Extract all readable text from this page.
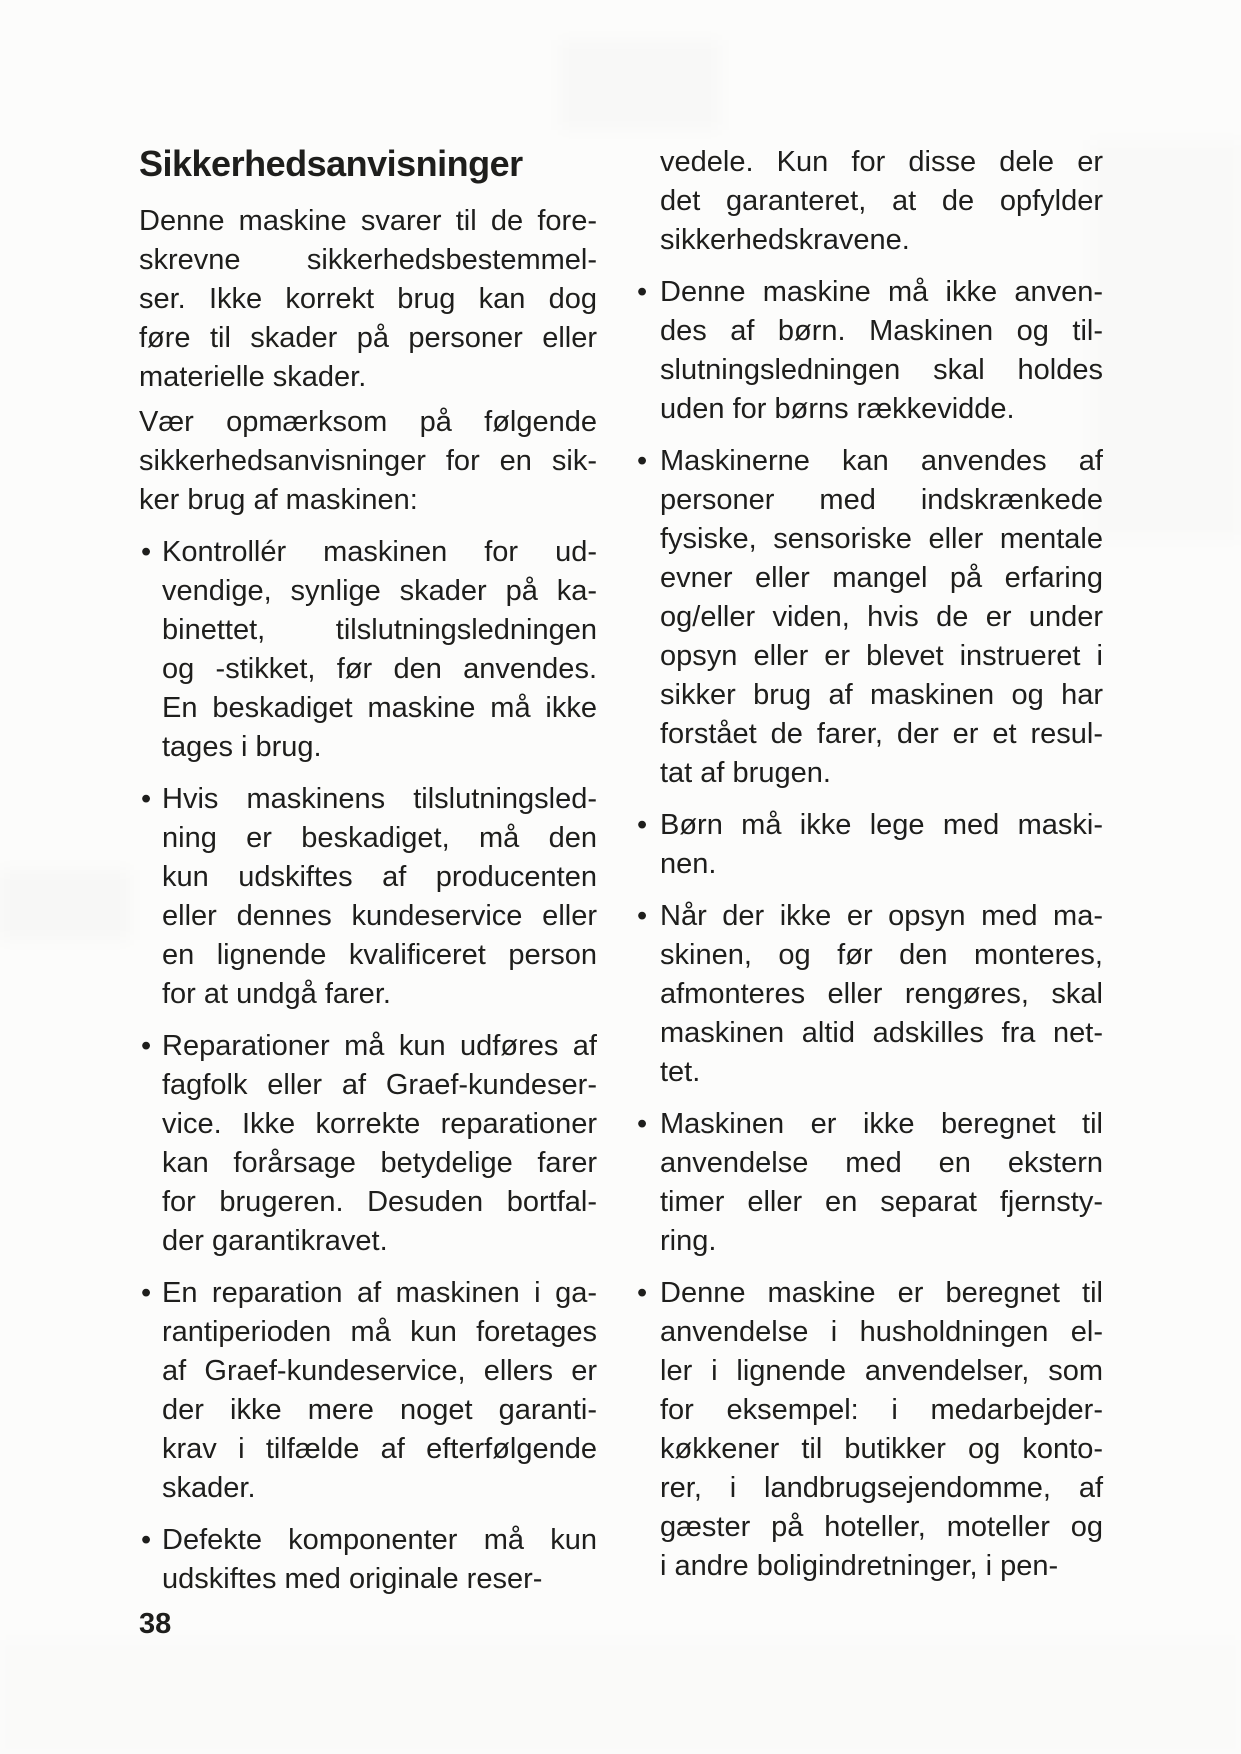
Sikkerhedsanvisninger
Denne maskine svarer til de fore-
skrevne sikkerhedsbestemmel-
ser. Ikke korrekt brug kan dog
føre til skader på personer eller
materielle skader.
Vær opmærksom på følgende
sikkerhedsanvisninger for en sik-
ker brug af maskinen:
• Kontrollér maskinen for ud-
vendige, synlige skader på ka-
binettet, tilslutningsledningen
og -stikket, før den anvendes.
En beskadiget maskine må ikke
tages i brug.
• Hvis maskinens tilslutningsled-
ning er beskadiget, må den
kun udskiftes af producenten
eller dennes kundeservice eller
en lignende kvalificeret person
for at undgå farer.
• Reparationer må kun udføres af
fagfolk eller af Graef-kundeser-
vice. Ikke korrekte reparationer
kan forårsage betydelige farer
for brugeren. Desuden bortfal-
der garantikravet.
• En reparation af maskinen i ga-
rantiperioden må kun foretages
af Graef-kundeservice, ellers er
der ikke mere noget garanti-
krav i tilfælde af efterfølgende
skader.
• Defekte komponenter må kun
udskiftes med originale reser-
vedele. Kun for disse dele er
det garanteret, at de opfylder
sikkerhedskravene.
• Denne maskine må ikke anven-
des af børn. Maskinen og til-
slutningsledningen skal holdes
uden for børns rækkevidde.
• Maskinerne kan anvendes af
personer med indskrænkede
fysiske, sensoriske eller mentale
evner eller mangel på erfaring
og/eller viden, hvis de er under
opsyn eller er blevet instrueret i
sikker brug af maskinen og har
forstået de farer, der er et resul-
tat af brugen.
• Børn må ikke lege med maski-
nen.
• Når der ikke er opsyn med ma-
skinen, og før den monteres,
afmonteres eller rengøres, skal
maskinen altid adskilles fra net-
tet.
• Maskinen er ikke beregnet til
anvendelse med en ekstern
timer eller en separat fjernsty-
ring.
• Denne maskine er beregnet til
anvendelse i husholdningen el-
ler i lignende anvendelser, som
for eksempel: i medarbejder-
køkkener til butikker og konto-
rer, i landbrugsejendomme, af
gæster på hoteller, moteller og
i andre boligindretninger, i pen-
38
